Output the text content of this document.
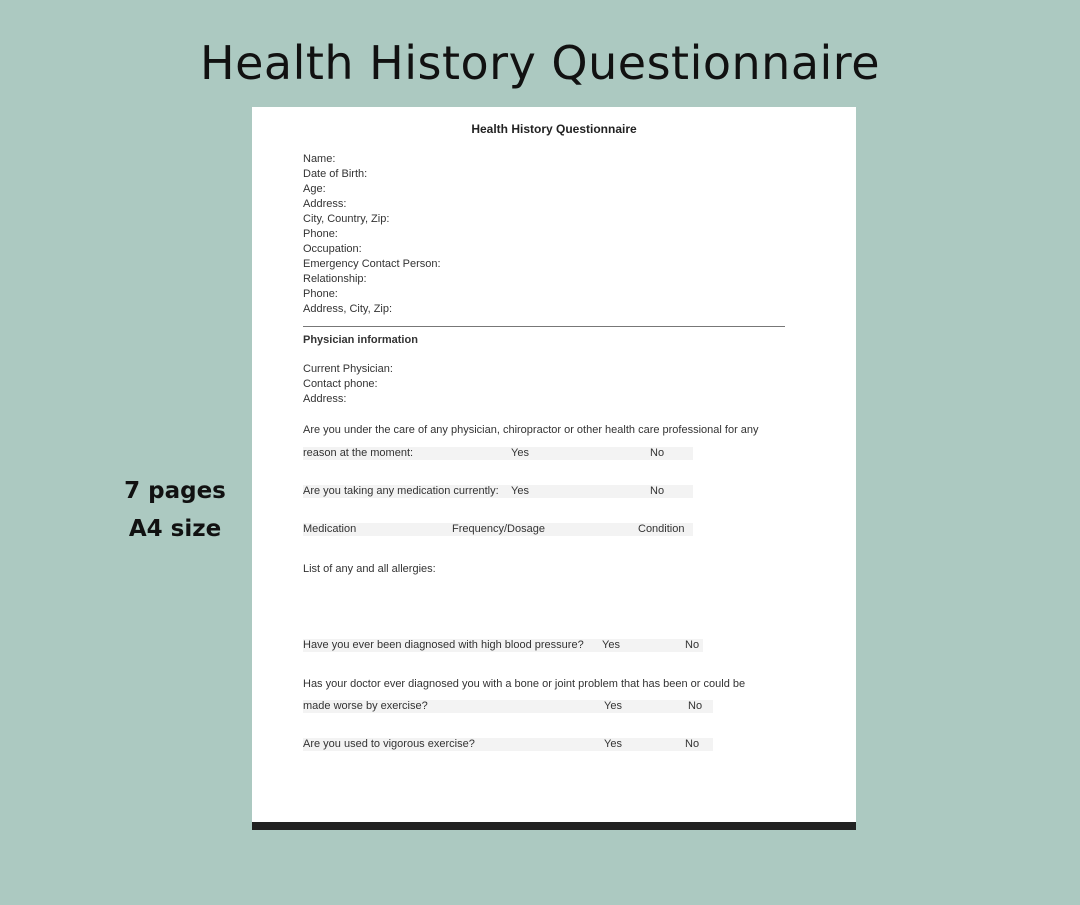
Health History Questionnaire
7 pages
A4 size
Health History Questionnaire
Name:
Date of Birth:
Age:
Address:
City, Country, Zip:
Phone:
Occupation:
Emergency Contact Person:
Relationship:
Phone:
Address, City, Zip:
Physician information
Current Physician:
Contact phone:
Address:
Are you under the care of any physician, chiropractor or other health care professional for any
reason at the moment:	Yes	No
Are you taking any medication currently: Yes	No
Medication	Frequency/Dosage	Condition
List of any and all allergies:
Have you ever been diagnosed with high blood pressure? Yes	No
Has your doctor ever diagnosed you with a bone or joint problem that has been or could be
made worse by exercise?	Yes	No
Are you used to vigorous exercise?	Yes	No
